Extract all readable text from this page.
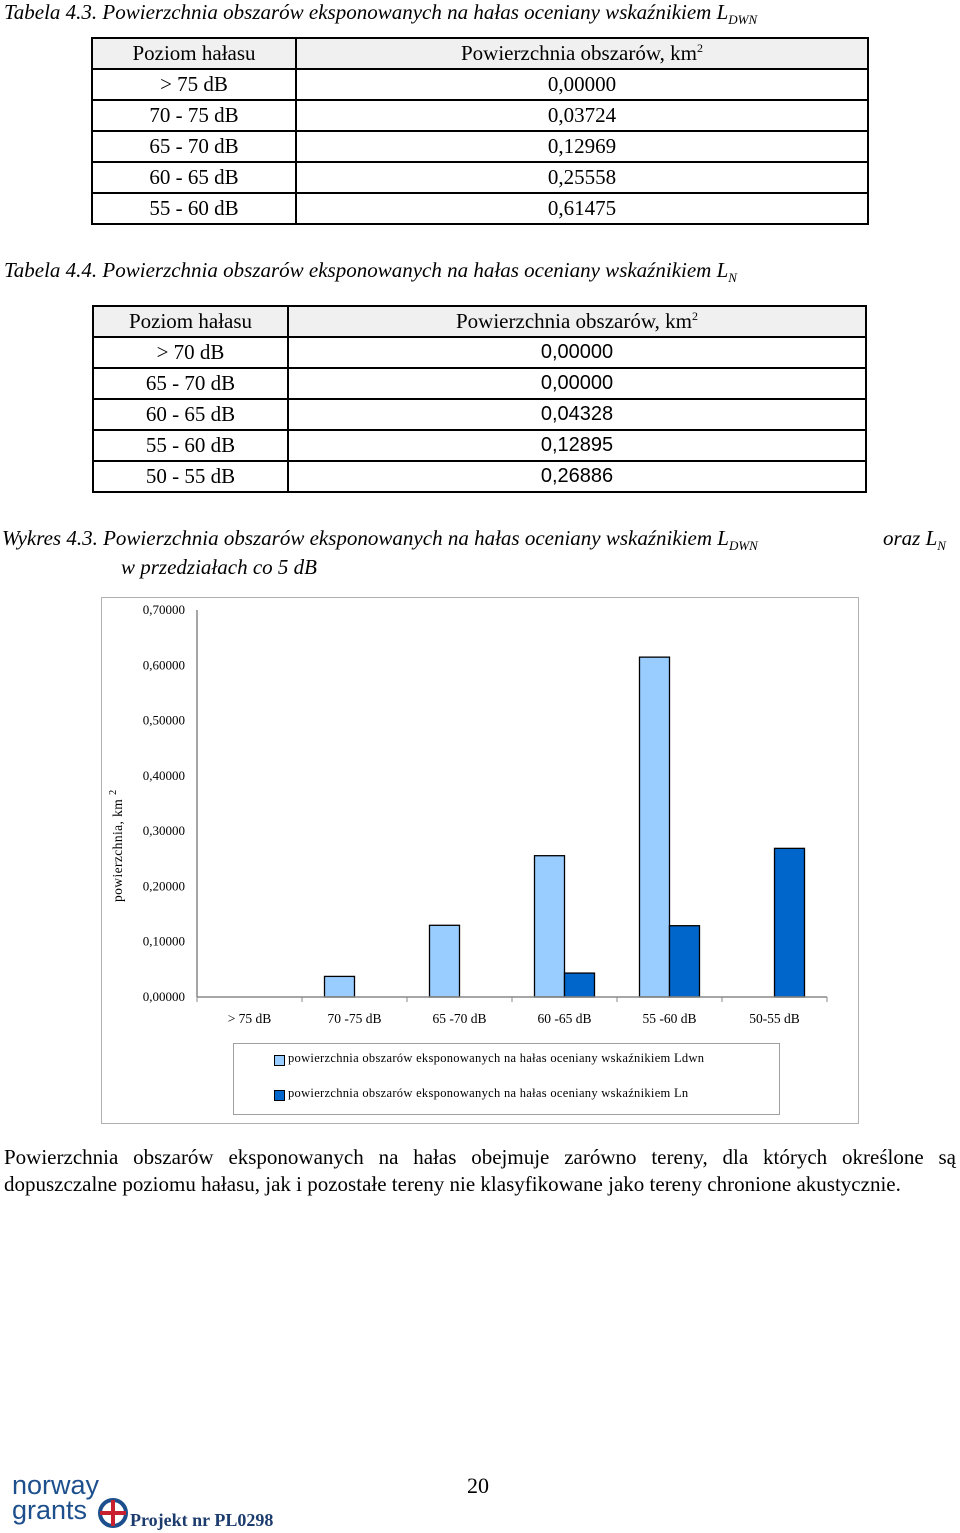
Tabela 4.3. Powierzchnia obszarów eksponowanych na hałas oceniany wskaźnikiem $L_{DWN}$
Poziom hałasu	Powierzchnia obszarów, $km^2$
> 75 dB	0,00000
70 - 75 dB	0,03724
65 - 70 dB	0,12969
60 - 65 dB	0,25558
55 - 60 dB	0,61475
Tabela 4.4. Powierzchnia obszarów eksponowanych na hałas oceniany wskaźnikiem $L_N$
Poziom hałasu	Powierzchnia obszarów, $km^2$
> 70 dB	0,00000
65 - 70 dB	0,00000
60 - 65 dB	0,04328
55 - 60 dB	0,12895
50 - 55 dB	0,26886
Wykres 4.3. Powierzchnia obszarów eksponowanych na hałas oceniany wskaźnikiem $L_{DWN}$	oraz $L_N$
w przedziałach co 5 dB
0,00000
0,10000
0,20000
0,30000
0,40000
0,50000
0,60000
0,70000
> 75 dB	70 -75 dB	65 -70 dB	60 -65 dB	55 -60 dB	50-55 dB
powierzchnia, $km^2$
powierzchnia obszarów eksponowanych na hałas oceniany wskaźnikiem Ldwn
powierzchnia obszarów eksponowanych na hałas oceniany wskaźnikiem Ln
Powierzchnia obszarów eksponowanych na hałas obejmuje zarówno tereny, dla których określone są dopuszczalne poziomu hałasu, jak i pozostałe tereny nie klasyfikowane jako tereny chronione akustycznie.
20
norway
grants Projekt nr PL0298
